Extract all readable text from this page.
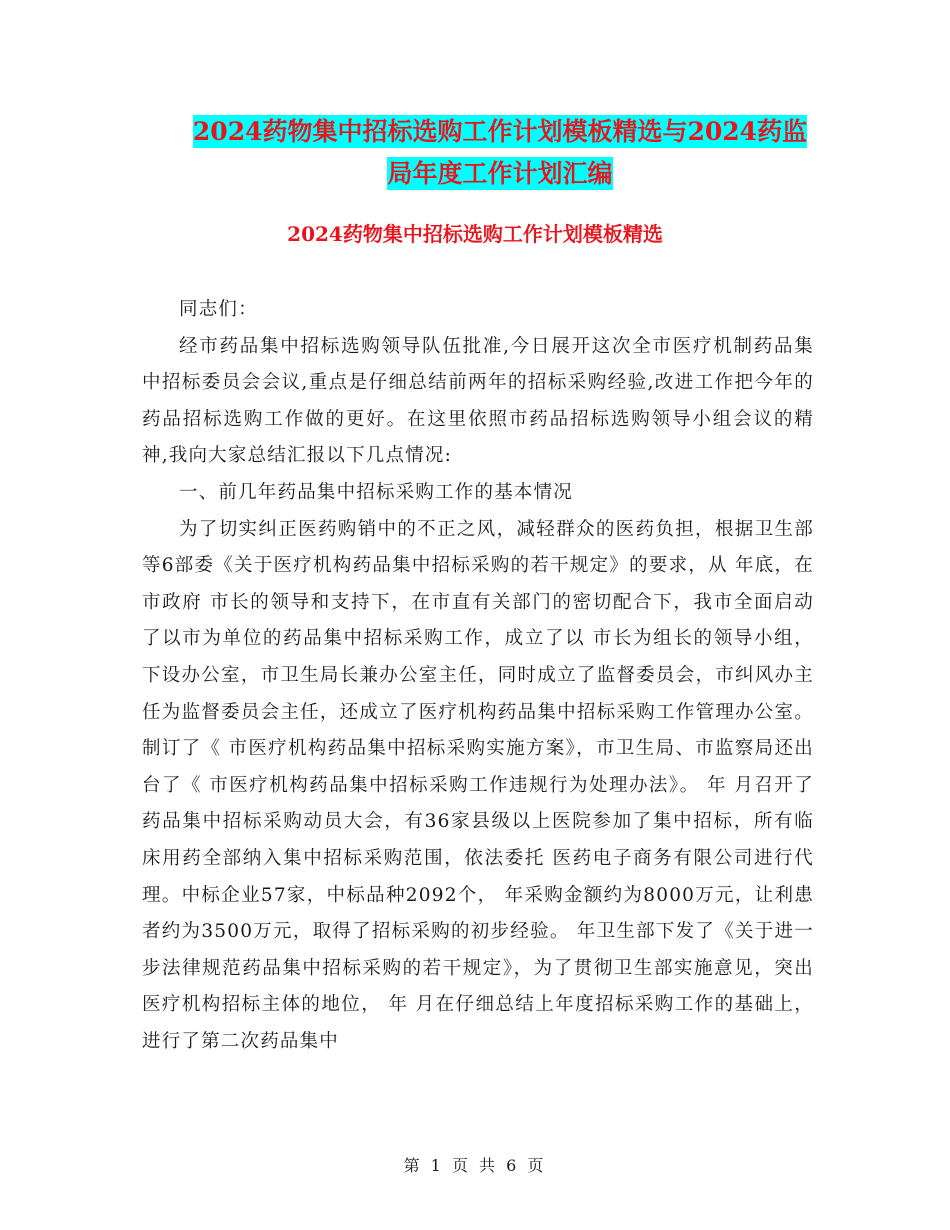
2024药物集中招标选购工作计划模板精选与2024药监
局年度工作计划汇编
2024药物集中招标选购工作计划模板精选

同志们：

经市药品集中招标选购领导队伍批准,今日展开这次全市医疗机制药品集中招标委员会会议,重点是仔细总结前两年的招标采购经验,改进工作把今年的药品招标选购工作做的更好。在这里依照市药品招标选购领导小组会议的精神,我向大家总结汇报以下几点情况:

一、前几年药品集中招标采购工作的基本情况

为了切实纠正医药购销中的不正之风，减轻群众的医药负担，根据卫生部等6部委《关于医疗机构药品集中招标采购的若干规定》的要求，从 年底，在市政府 市长的领导和支持下，在市直有关部门的密切配合下，我市全面启动了以市为单位的药品集中招标采购工作，成立了以 市长为组长的领导小组，下设办公室，市卫生局长兼办公室主任，同时成立了监督委员会，市纠风办主任为监督委员会主任，还成立了医疗机构药品集中招标采购工作管理办公室。制订了《 市医疗机构药品集中招标采购实施方案》，市卫生局、市监察局还出台了《 市医疗机构药品集中招标采购工作违规行为处理办法》。 年 月召开了药品集中招标采购动员大会，有36家县级以上医院参加了集中招标，所有临床用药全部纳入集中招标采购范围，依法委托 医药电子商务有限公司进行代理。中标企业57家，中标品种2092个， 年采购金额约为8000万元，让利患者约为3500万元，取得了招标采购的初步经验。 年卫生部下发了《关于进一步法律规范药品集中招标采购的若干规定》，为了贯彻卫生部实施意见，突出医疗机构招标主体的地位， 年 月在仔细总结上年度招标采购工作的基础上，进行了第二次药品集中

第 1 页 共 6 页
